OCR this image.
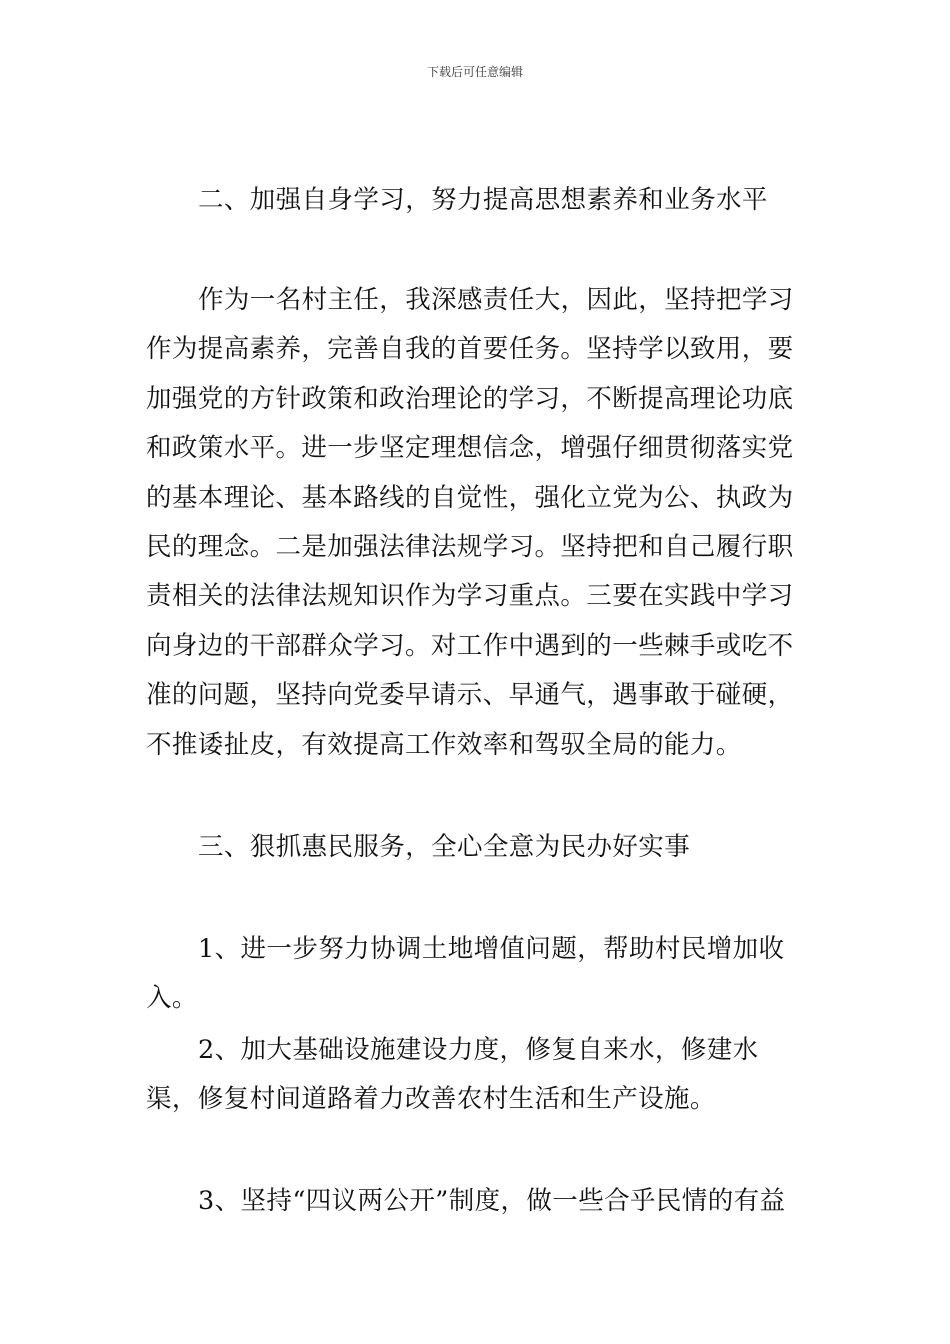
下载后可任意编辑

二、加强自身学习，努力提高思想素养和业务水平

作为一名村主任，我深感责任大，因此，坚持把学习作为提高素养，完善自我的首要任务。坚持学以致用，要加强党的方针政策和政治理论的学习，不断提高理论功底和政策水平。进一步坚定理想信念，增强仔细贯彻落实党的基本理论、基本路线的自觉性，强化立党为公、执政为民的理念。二是加强法律法规学习。坚持把和自己履行职责相关的法律法规知识作为学习重点。三要在实践中学习向身边的干部群众学习。对工作中遇到的一些棘手或吃不准的问题，坚持向党委早请示、早通气，遇事敢于碰硬，不推诿扯皮，有效提高工作效率和驾驭全局的能力。

三、狠抓惠民服务，全心全意为民办好实事

1、进一步努力协调土地增值问题，帮助村民增加收入。

2、加大基础设施建设力度，修复自来水，修建水渠，修复村间道路着力改善农村生活和生产设施。

3、坚持“四议两公开”制度，做一些合乎民情的有益
